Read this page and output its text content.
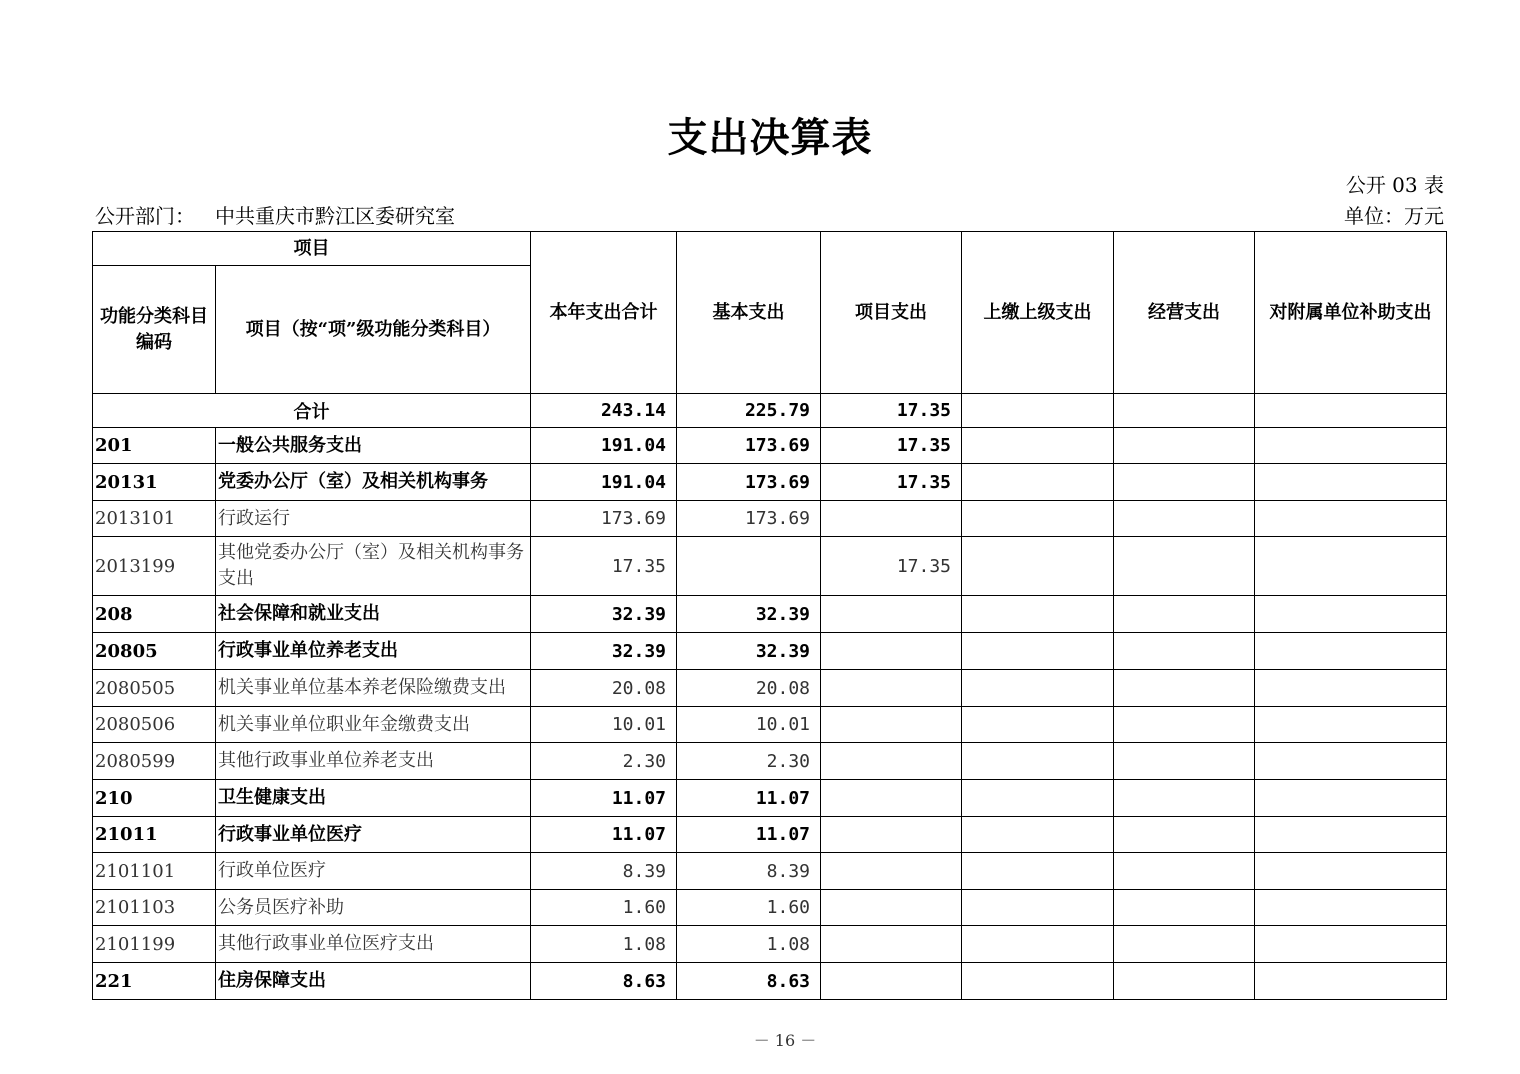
支出决算表
公开 03 表
公开部门： 中共重庆市黔江区委研究室	单位：万元
项目		本年支出合计	基本支出	项目支出	上缴上级支出	经营支出	对附属单位补助支出
功能分类科目编码	项目（按“项”级功能分类科目）						
合计		243.14	225.79	17.35			
201	一般公共服务支出	191.04	173.69	17.35			
20131	党委办公厅（室）及相关机构事务	191.04	173.69	17.35			
2013101	行政运行	173.69	173.69				
2013199	其他党委办公厅（室）及相关机构事务支出	17.35		17.35			
208	社会保障和就业支出	32.39	32.39				
20805	行政事业单位养老支出	32.39	32.39				
2080505	机关事业单位基本养老保险缴费支出	20.08	20.08				
2080506	机关事业单位职业年金缴费支出	10.01	10.01				
2080599	其他行政事业单位养老支出	2.30	2.30				
210	卫生健康支出	11.07	11.07				
21011	行政事业单位医疗	11.07	11.07				
2101101	行政单位医疗	8.39	8.39				
2101103	公务员医疗补助	1.60	1.60				
2101199	其他行政事业单位医疗支出	1.08	1.08				
221	住房保障支出	8.63	8.63				
－ 16 －
